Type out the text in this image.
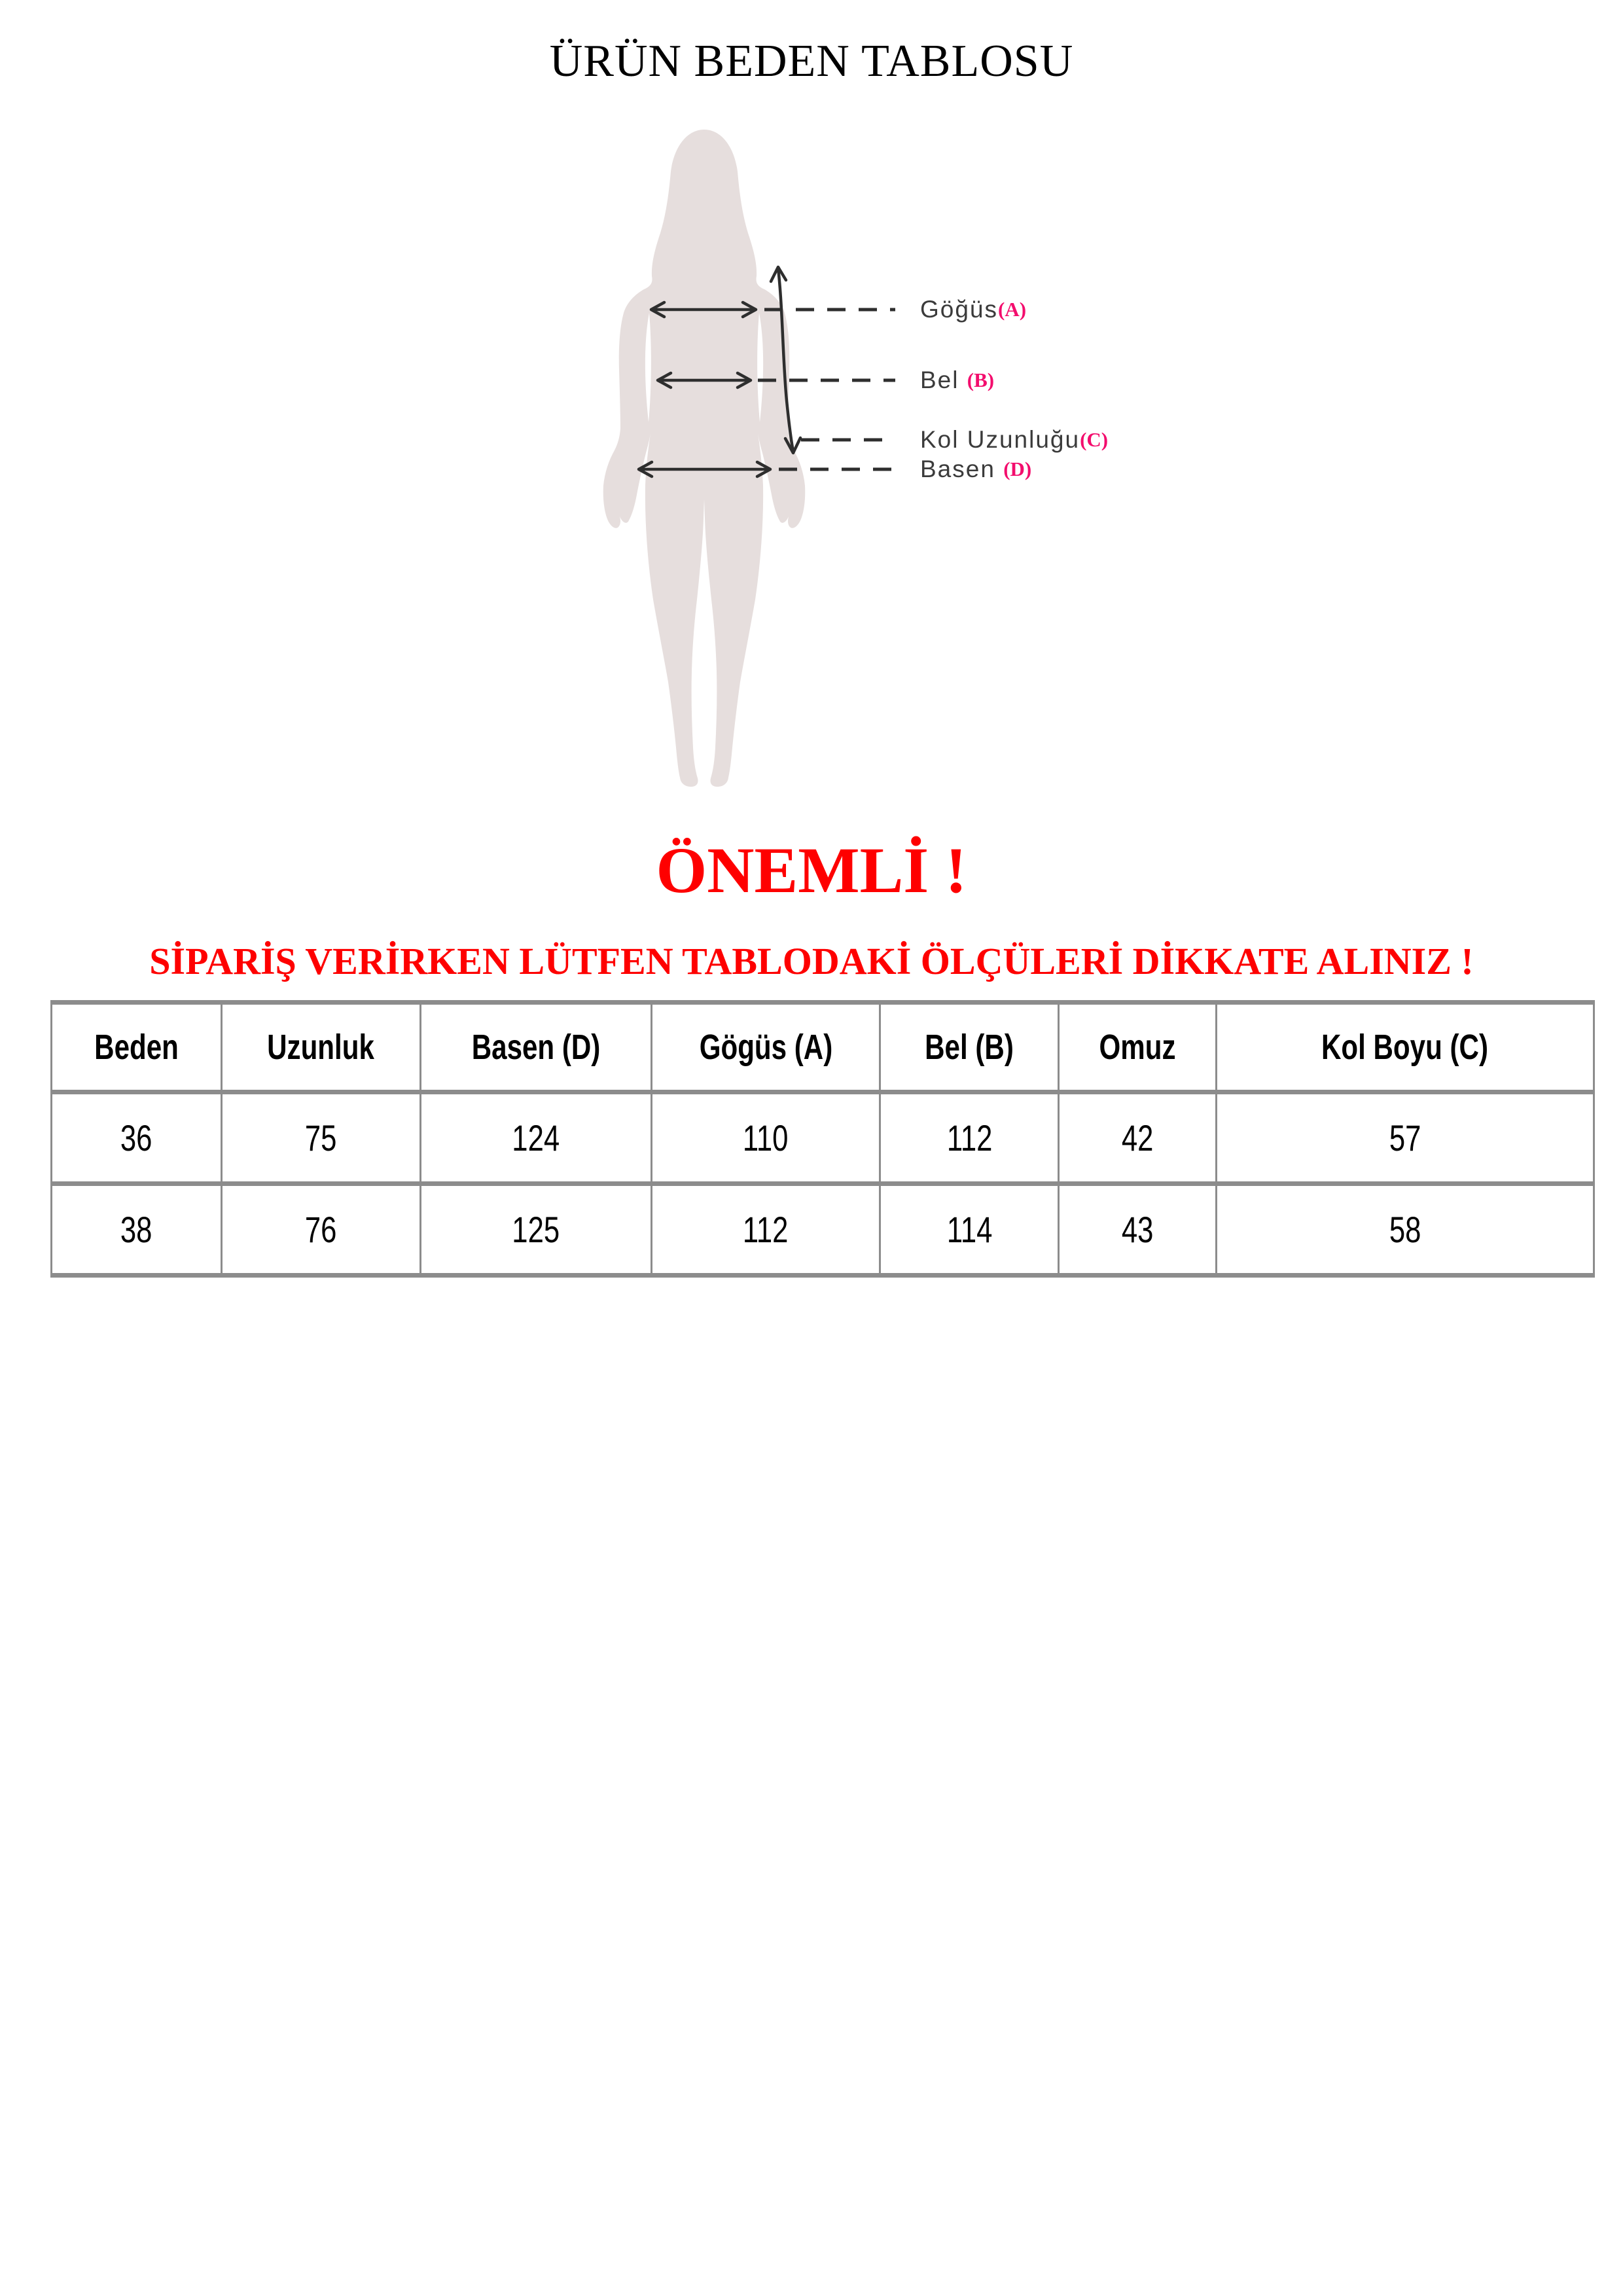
ÜRÜN BEDEN TABLOSU
Göğüs(A)
Bel (B)
Kol Uzunluğu(C)
Basen (D)
ÖNEMLİ !
SİPARİŞ VERİRKEN LÜTFEN TABLODAKİ ÖLÇÜLERİ DİKKATE ALINIZ !
Beden	Uzunluk	Basen (D)	Gögüs (A)	Bel (B)	Omuz	Kol Boyu (C)
36	75	124	110	112	42	57
38	76	125	112	114	43	58
